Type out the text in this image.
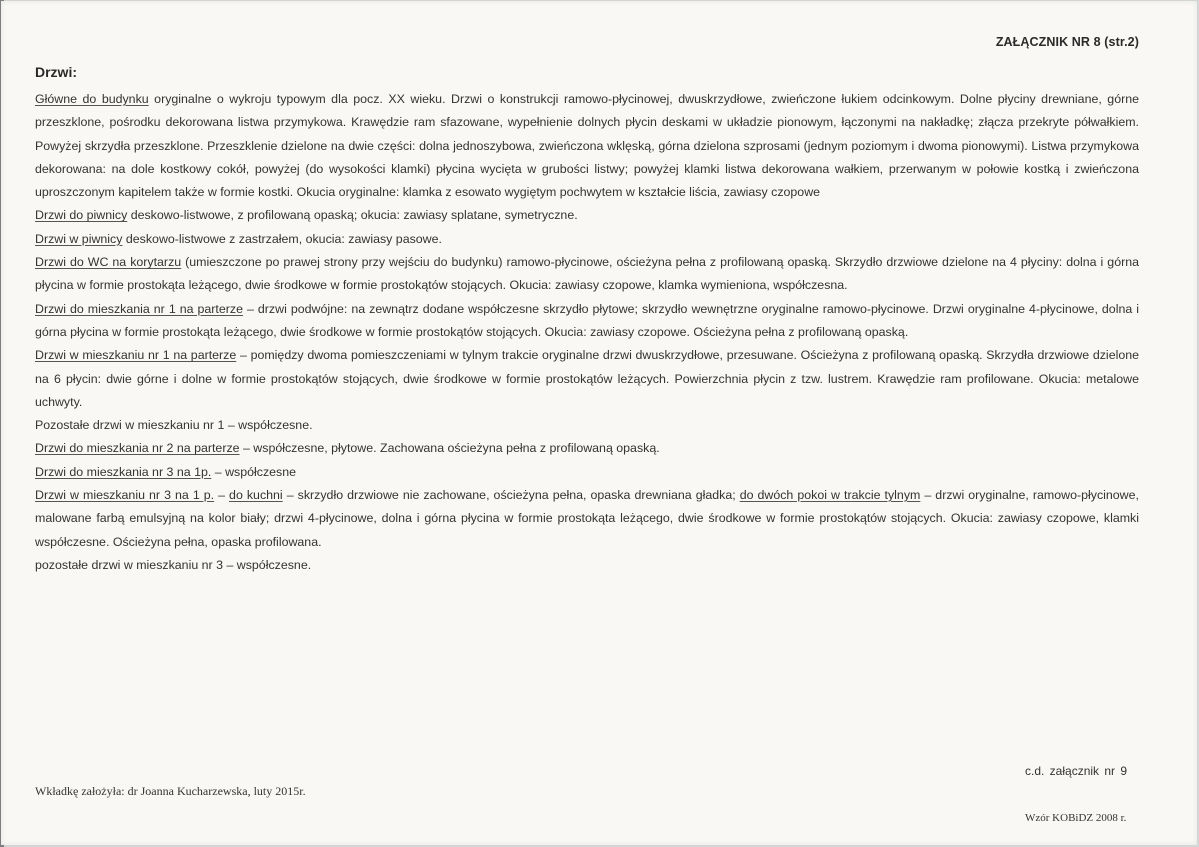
ZAŁĄCZNIK NR 8 (str.2)
Drzwi:

Główne do budynku oryginalne o wykroju typowym dla pocz. XX wieku. Drzwi o konstrukcji ramowo-płycinowej, dwuskrzydłowe, zwieńczone łukiem odcinkowym. Dolne płyciny drewniane, górne przeszklone, pośrodku dekorowana listwa przymykowa. Krawędzie ram sfazowane, wypełnienie dolnych płycin deskami w układzie pionowym, łączonymi na nakładkę; złącza przekryte półwałkiem. Powyżej skrzydła przeszklone. Przeszklenie dzielone na dwie części: dolna jednoszybowa, zwieńczona wklęską, górna dzielona szprosami (jednym poziomym i dwoma pionowymi). Listwa przymykowa dekorowana: na dole kostkowy cokół, powyżej (do wysokości klamki) płycina wycięta w grubości listwy; powyżej klamki listwa dekorowana wałkiem, przerwanym w połowie kostką i zwieńczona uproszczonym kapitelem także w formie kostki. Okucia oryginalne: klamka z esowato wygiętym pochwytem w kształcie liścia, zawiasy czopowe

Drzwi do piwnicy deskowo-listwowe, z profilowaną opaską; okucia: zawiasy splatane, symetryczne.

Drzwi w piwnicy deskowo-listwowe z zastrzałem, okucia: zawiasy pasowe.

Drzwi do WC na korytarzu (umieszczone po prawej strony przy wejściu do budynku) ramowo-płycinowe, ościeżyna pełna z profilowaną opaską. Skrzydło drzwiowe dzielone na 4 płyciny: dolna i górna płycina w formie prostokąta leżącego, dwie środkowe w formie prostokątów stojących. Okucia: zawiasy czopowe, klamka wymieniona, współczesna.

Drzwi do mieszkania nr 1 na parterze – drzwi podwójne: na zewnątrz dodane współczesne skrzydło płytowe; skrzydło wewnętrzne oryginalne ramowo-płycinowe. Drzwi oryginalne 4-płycinowe, dolna i górna płycina w formie prostokąta leżącego, dwie środkowe w formie prostokątów stojących. Okucia: zawiasy czopowe. Ościeżyna pełna z profilowaną opaską.

Drzwi w mieszkaniu nr 1 na parterze – pomiędzy dwoma pomieszczeniami w tylnym trakcie oryginalne drzwi dwuskrzydłowe, przesuwane. Ościeżyna z profilowaną opaską. Skrzydła drzwiowe dzielone na 6 płycin: dwie górne i dolne w formie prostokątów stojących, dwie środkowe w formie prostokątów leżących. Powierzchnia płycin z tzw. lustrem. Krawędzie ram profilowane. Okucia: metalowe uchwyty.

Pozostałe drzwi w mieszkaniu nr 1 – współczesne.

Drzwi do mieszkania nr 2 na parterze – współczesne, płytowe. Zachowana ościeżyna pełna z profilowaną opaską.

Drzwi do mieszkania nr 3 na 1p. – współczesne

Drzwi w mieszkaniu nr 3 na 1 p. – do kuchni – skrzydło drzwiowe nie zachowane, ościeżyna pełna, opaska drewniana gładka; do dwóch pokoi w trakcie tylnym – drzwi oryginalne, ramowo-płycinowe, malowane farbą emulsyjną na kolor biały; drzwi 4-płycinowe, dolna i górna płycina w formie prostokąta leżącego, dwie środkowe w formie prostokątów stojących. Okucia: zawiasy czopowe, klamki współczesne. Ościeżyna pełna, opaska profilowana.

pozostałe drzwi w mieszkaniu nr 3 – współczesne.

c.d. załącznik nr 9
Wkładkę założyła: dr Joanna Kucharzewska, luty 2015r.
Wzór KOBiDZ 2008 r.
